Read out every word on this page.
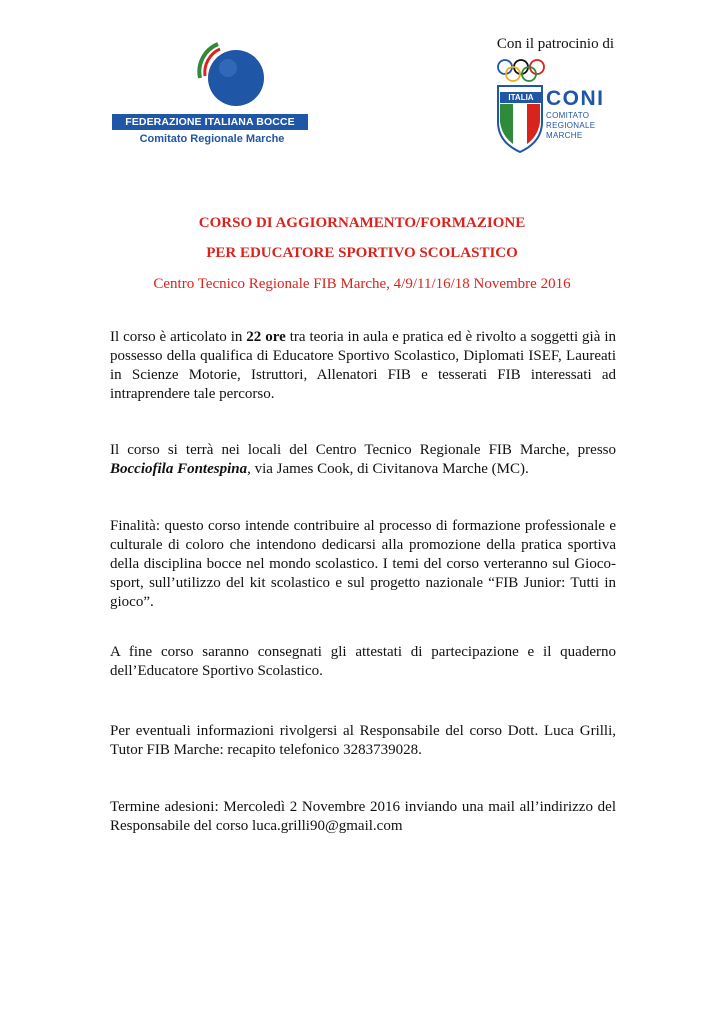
FEDERAZIONE ITALIANA BOCCE
Comitato Regionale Marche
Con il patrocinio di
ITALIA CONI
COMITATO
REGIONALE
MARCHE
CORSO DI AGGIORNAMENTO/FORMAZIONE
PER EDUCATORE SPORTIVO SCOLASTICO
Centro Tecnico Regionale FIB Marche, 4/9/11/16/18 Novembre 2016
Il corso è articolato in 22 ore tra teoria in aula e pratica ed è rivolto a soggetti già in possesso della qualifica di Educatore Sportivo Scolastico, Diplomati ISEF, Laureati in Scienze Motorie, Istruttori, Allenatori FIB e tesserati FIB interessati ad intraprendere tale percorso.
Il corso si terrà nei locali del Centro Tecnico Regionale FIB Marche, presso Bocciofila Fontespina, via James Cook, di Civitanova Marche (MC).
Finalità: questo corso intende contribuire al processo di formazione professionale e culturale di coloro che intendono dedicarsi alla promozione della pratica sportiva della disciplina bocce nel mondo scolastico. I temi del corso verteranno sul Gioco-sport, sull’utilizzo del kit scolastico e sul progetto nazionale “FIB Junior: Tutti in gioco”.
A fine corso saranno consegnati gli attestati di partecipazione e il quaderno dell’Educatore Sportivo Scolastico.
Per eventuali informazioni rivolgersi al Responsabile del corso Dott. Luca Grilli, Tutor FIB Marche: recapito telefonico 3283739028.
Termine adesioni: Mercoledì 2 Novembre 2016 inviando una mail all’indirizzo del Responsabile del corso luca.grilli90@gmail.com
